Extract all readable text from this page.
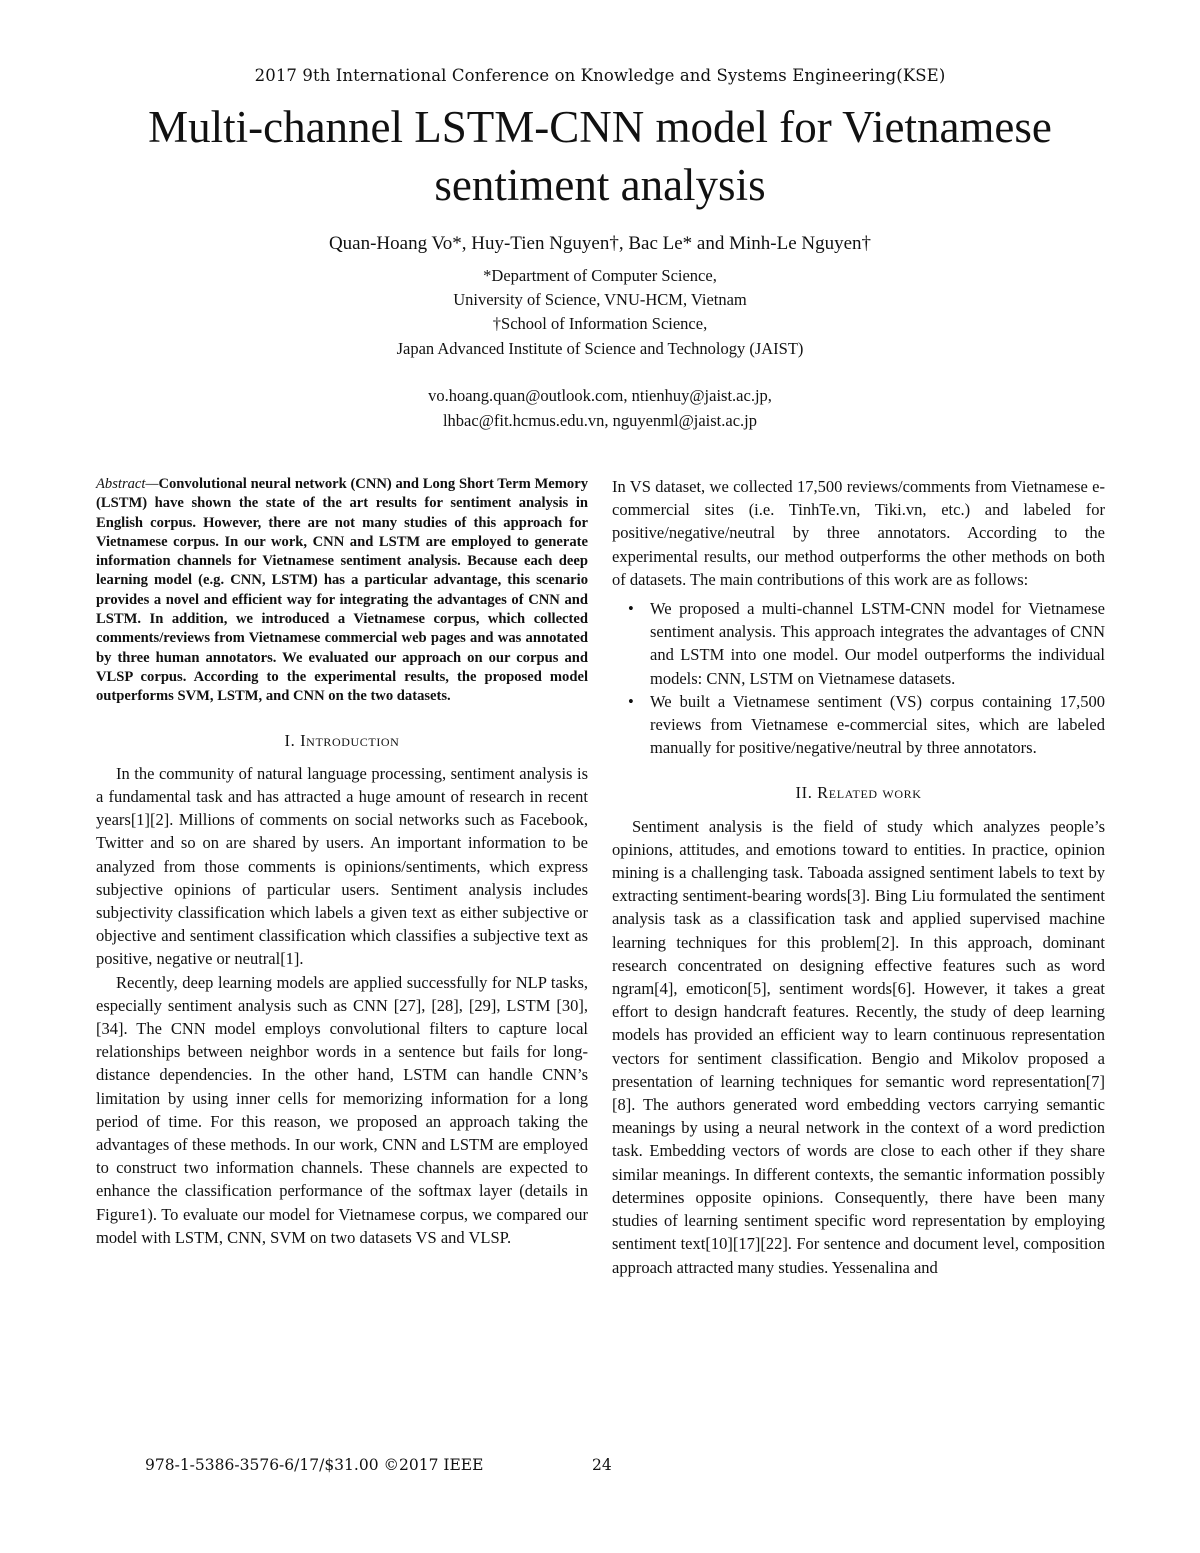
2017 9th International Conference on Knowledge and Systems Engineering(KSE)
Multi-channel LSTM-CNN model for Vietnamese
sentiment analysis
Quan-Hoang Vo*, Huy-Tien Nguyen†, Bac Le* and Minh-Le Nguyen†
*Department of Computer Science,
University of Science, VNU-HCM, Vietnam
†School of Information Science,
Japan Advanced Institute of Science and Technology (JAIST)
vo.hoang.quan@outlook.com, ntienhuy@jaist.ac.jp,
lhbac@fit.hcmus.edu.vn, nguyenml@jaist.ac.jp

Abstract—Convolutional neural network (CNN) and Long Short Term Memory (LSTM) have shown the state of the art results for sentiment analysis in English corpus. However, there are not many studies of this approach for Vietnamese corpus. In our work, CNN and LSTM are employed to generate information channels for Vietnamese sentiment analysis. Because each deep learning model (e.g. CNN, LSTM) has a particular advantage, this scenario provides a novel and efficient way for integrating the advantages of CNN and LSTM. In addition, we introduced a Vietnamese corpus, which collected comments/reviews from Vietnamese commercial web pages and was annotated by three human annotators. We evaluated our approach on our corpus and VLSP corpus. According to the experimental results, the proposed model outperforms SVM, LSTM, and CNN on the two datasets.

I. Introduction

In the community of natural language processing, sentiment analysis is a fundamental task and has attracted a huge amount of research in recent years[1][2]. Millions of comments on social networks such as Facebook, Twitter and so on are shared by users. An important information to be analyzed from those comments is opinions/sentiments, which express subjective opinions of particular users. Sentiment analysis includes subjectivity classification which labels a given text as either subjective or objective and sentiment classification which classifies a subjective text as positive, negative or neutral[1].

Recently, deep learning models are applied successfully for NLP tasks, especially sentiment analysis such as CNN [27], [28], [29], LSTM [30], [34]. The CNN model employs convolutional filters to capture local relationships between neighbor words in a sentence but fails for long-distance dependencies. In the other hand, LSTM can handle CNN’s limitation by using inner cells for memorizing information for a long period of time. For this reason, we proposed an approach taking the advantages of these methods. In our work, CNN and LSTM are employed to construct two information channels. These channels are expected to enhance the classification performance of the softmax layer (details in Figure1). To evaluate our model for Vietnamese corpus, we compared our model with LSTM, CNN, SVM on two datasets VS and VLSP.

In VS dataset, we collected 17,500 reviews/comments from Vietnamese e-commercial sites (i.e. TinhTe.vn, Tiki.vn, etc.) and labeled for positive/negative/neutral by three annotators. According to the experimental results, our method outperforms the other methods on both of datasets. The main contributions of this work are as follows:

• We proposed a multi-channel LSTM-CNN model for Vietnamese sentiment analysis. This approach integrates the advantages of CNN and LSTM into one model. Our model outperforms the individual models: CNN, LSTM on Vietnamese datasets.
• We built a Vietnamese sentiment (VS) corpus containing 17,500 reviews from Vietnamese e-commercial sites, which are labeled manually for positive/negative/neutral by three annotators.
II. Related work

Sentiment analysis is the field of study which analyzes people’s opinions, attitudes, and emotions toward to entities. In practice, opinion mining is a challenging task. Taboada assigned sentiment labels to text by extracting sentiment-bearing words[3]. Bing Liu formulated the sentiment analysis task as a classification task and applied supervised machine learning techniques for this problem[2]. In this approach, dominant research concentrated on designing effective features such as word ngram[4], emoticon[5], sentiment words[6]. However, it takes a great effort to design handcraft features. Recently, the study of deep learning models has provided an efficient way to learn continuous representation vectors for sentiment classification. Bengio and Mikolov proposed a presentation of learning techniques for semantic word representation[7][8]. The authors generated word embedding vectors carrying semantic meanings by using a neural network in the context of a word prediction task. Embedding vectors of words are close to each other if they share similar meanings. In different contexts, the semantic information possibly determines opposite opinions. Consequently, there have been many studies of learning sentiment specific word representation by employing sentiment text[10][17][22]. For sentence and document level, composition approach attracted many studies. Yessenalina and

978-1-5386-3576-6/17/$31.00 ©2017 IEEE	24
